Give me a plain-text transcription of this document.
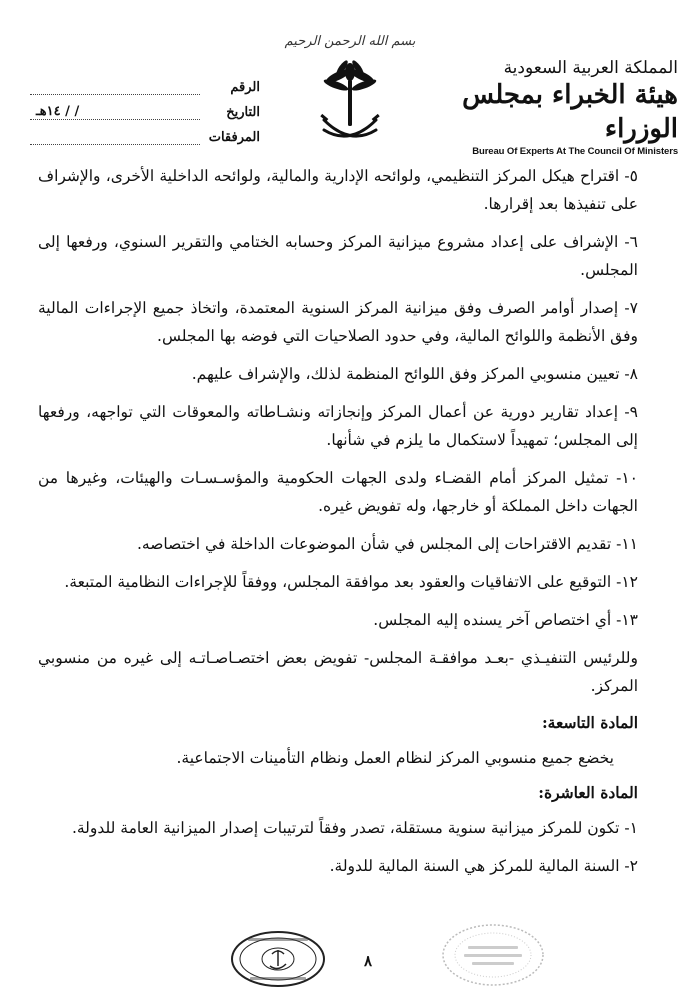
بسم الله الرحمن الرحيم
الرقم
التاريخ
/ / ١٤هـ
المرفقات
المملكة العربية السعودية
هيئة الخبراء بمجلس الوزراء
Bureau Of Experts At The Council Of Ministers
٥- اقتراح هيكل المركز التنظيمي، ولوائحه الإدارية والمالية، ولوائحه الداخلية الأخرى، والإشراف على تنفيذها بعد إقرارها.
٦- الإشراف على إعداد مشروع ميزانية المركز وحسابه الختامي والتقرير السنوي، ورفعها إلى المجلس.
٧- إصدار أوامر الصرف وفق ميزانية المركز السنوية المعتمدة، واتخاذ جميع الإجراءات المالية وفق الأنظمة واللوائح المالية، وفي حدود الصلاحيات التي فوضه بها المجلس.
٨- تعيين منسوبي المركز وفق اللوائح المنظمة لذلك، والإشراف عليهم.
٩- إعداد تقارير دورية عن أعمال المركز وإنجازاته ونشـاطاته والمعوقات التي تواجهه، ورفعها إلى المجلس؛ تمهيداً لاستكمال ما يلزم في شأنها.
١٠- تمثيل المركز أمام القضـاء ولدى الجهات الحكومية والمؤسـسـات والهيئات، وغيرها من الجهات داخل المملكة أو خارجها، وله تفويض غيره.
١١- تقديم الاقتراحات إلى المجلس في شأن الموضوعات الداخلة في اختصاصه.
١٢- التوقيع على الاتفاقيات والعقود بعد موافقة المجلس، ووفقاً للإجراءات النظامية المتبعة.
١٣- أي اختصاص آخر يسنده إليه المجلس.
وللرئيس التنفيـذي -بعـد موافقـة المجلس- تفويض بعض اختصـاصـاتـه إلى غيره من منسوبي المركز.
المادة التاسعة:
يخضع جميع منسوبي المركز لنظام العمل ونظام التأمينات الاجتماعية.
المادة العاشرة:
١- تكون للمركز ميزانية سنوية مستقلة، تصدر وفقاً لترتيبات إصدار الميزانية العامة للدولة.
٢- السنة المالية للمركز هي السنة المالية للدولة.
٨
